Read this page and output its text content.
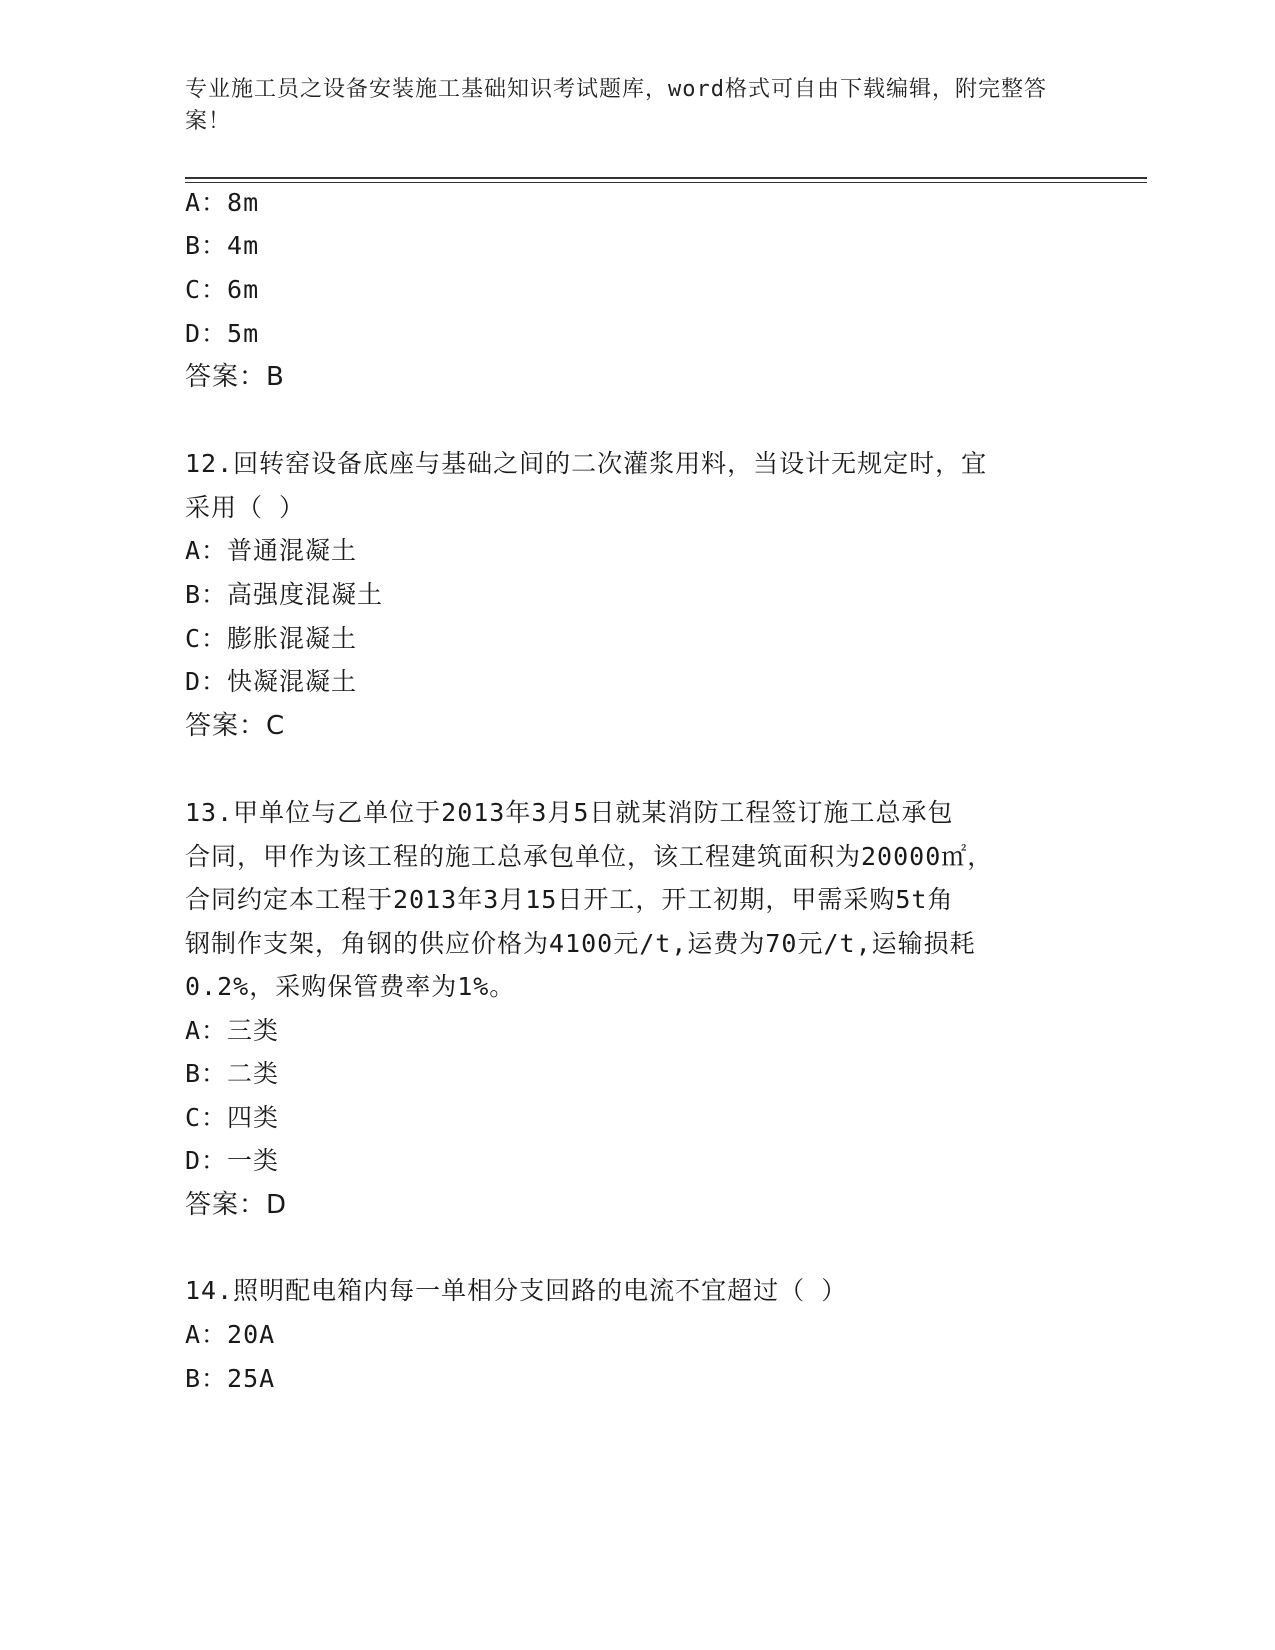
专业施工员之设备安装施工基础知识考试题库，word格式可自由下载编辑，附完整答案！
A：8m
B：4m
C：6m
D：5m
答案：B
12.回转窑设备底座与基础之间的二次灌浆用料，当设计无规定时，宜
采用（ ）
A：普通混凝土
B：高强度混凝土
C：膨胀混凝土
D：快凝混凝土
答案：C
13.甲单位与乙单位于2013年3月5日就某消防工程签订施工总承包
合同，甲作为该工程的施工总承包单位，该工程建筑面积为20000㎡，
合同约定本工程于2013年3月15日开工，开工初期，甲需采购5t角
钢制作支架，角钢的供应价格为4100元/t,运费为70元/t,运输损耗
0.2%，采购保管费率为1%。
A：三类
B：二类
C：四类
D：一类
答案：D
14.照明配电箱内每一单相分支回路的电流不宜超过（ ）
A：20A
B：25A
